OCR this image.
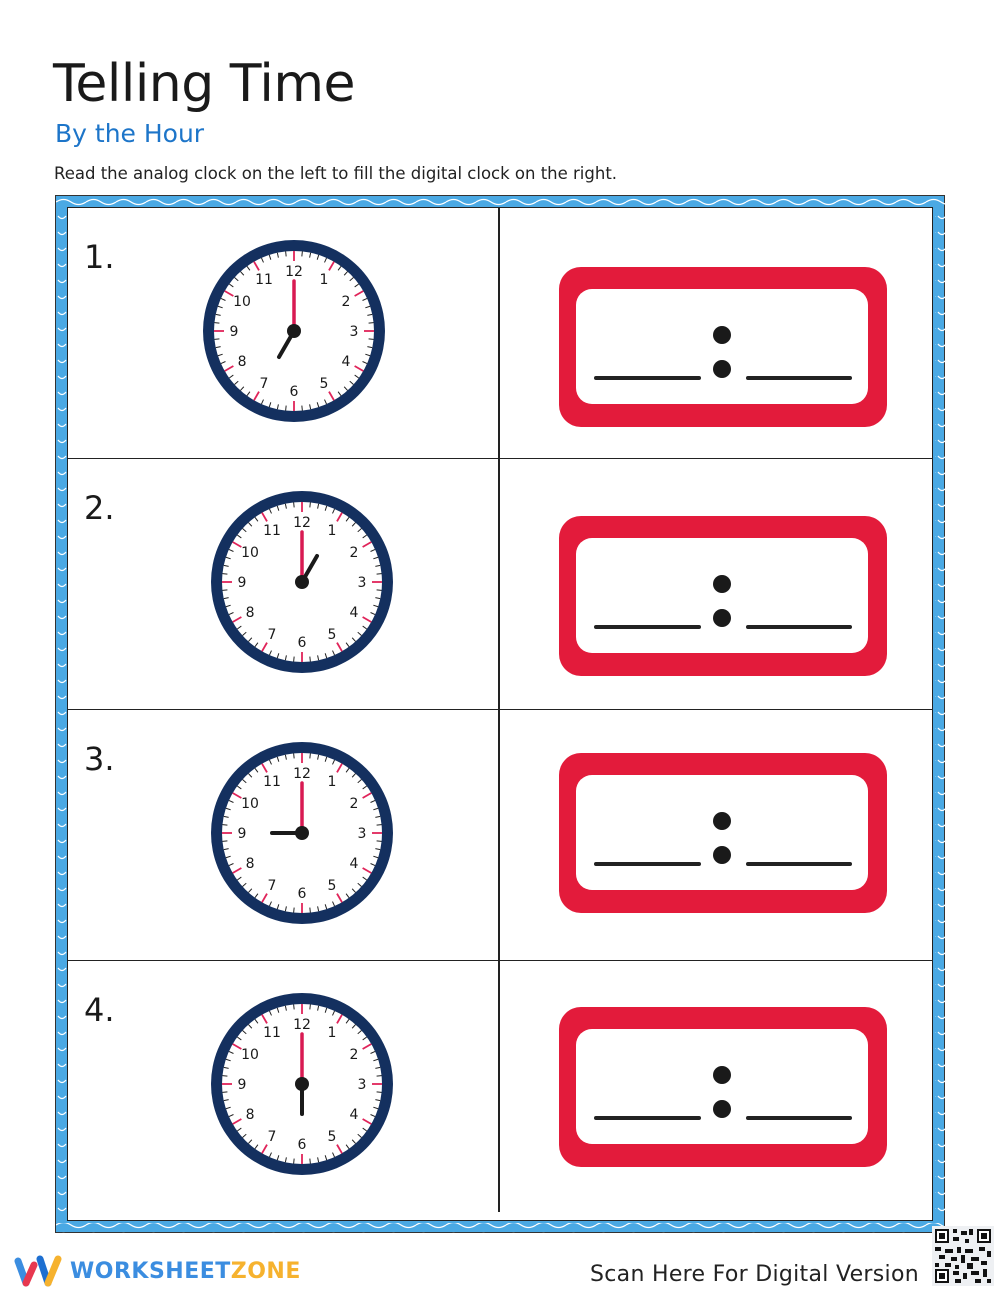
Telling Time
By the Hour
Read the analog clock on the left to fill the digital clock on the right.
1.	12
1
2
3
4
5
6
7
8
9
10
11
2.	12
1
2
3
4
5
6
7
8
9
10
11
3.	12
1
2
3
4
5
6
7
8
9
10
11
4.	12
1
2
3
4
5
6
7
8
9
10
11
WORKSHEETZONE	Scan Here For Digital Version
